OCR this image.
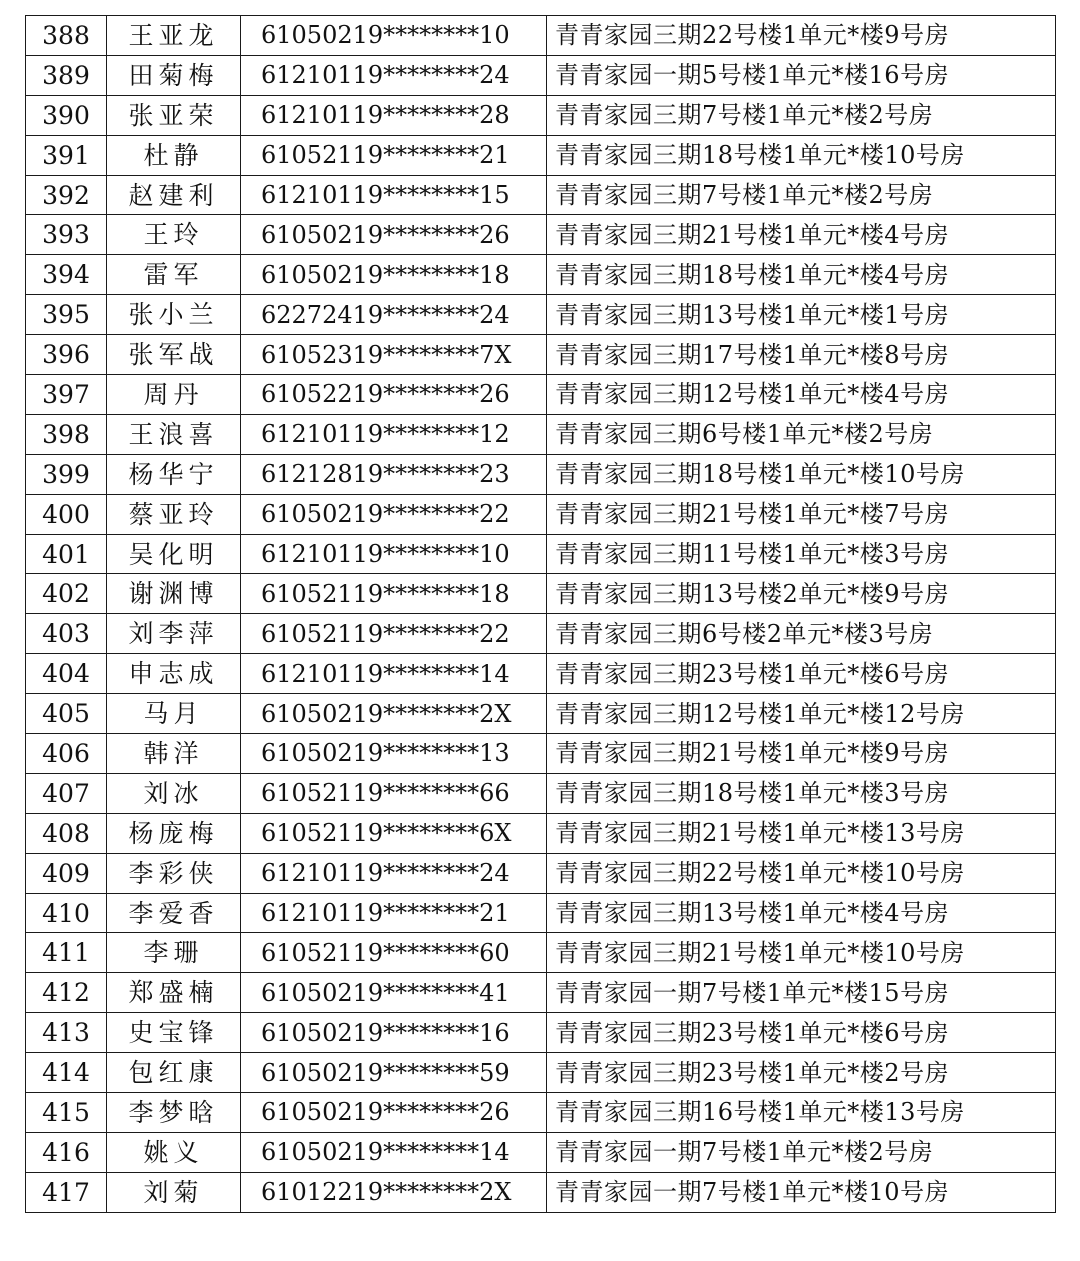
388	王亚龙	61050219********10	青青家园三期22号楼1单元*楼9号房
389	田菊梅	61210119********24	青青家园一期5号楼1单元*楼16号房
390	张亚荣	61210119********28	青青家园三期7号楼1单元*楼2号房
391	杜静	61052119********21	青青家园三期18号楼1单元*楼10号房
392	赵建利	61210119********15	青青家园三期7号楼1单元*楼2号房
393	王玲	61050219********26	青青家园三期21号楼1单元*楼4号房
394	雷军	61050219********18	青青家园三期18号楼1单元*楼4号房
395	张小兰	62272419********24	青青家园三期13号楼1单元*楼1号房
396	张军战	61052319********7X	青青家园三期17号楼1单元*楼8号房
397	周丹	61052219********26	青青家园三期12号楼1单元*楼4号房
398	王浪喜	61210119********12	青青家园三期6号楼1单元*楼2号房
399	杨华宁	61212819********23	青青家园三期18号楼1单元*楼10号房
400	蔡亚玲	61050219********22	青青家园三期21号楼1单元*楼7号房
401	吴化明	61210119********10	青青家园三期11号楼1单元*楼3号房
402	谢渊博	61052119********18	青青家园三期13号楼2单元*楼9号房
403	刘李萍	61052119********22	青青家园三期6号楼2单元*楼3号房
404	申志成	61210119********14	青青家园三期23号楼1单元*楼6号房
405	马月	61050219********2X	青青家园三期12号楼1单元*楼12号房
406	韩洋	61050219********13	青青家园三期21号楼1单元*楼9号房
407	刘冰	61052119********66	青青家园三期18号楼1单元*楼3号房
408	杨庞梅	61052119********6X	青青家园三期21号楼1单元*楼13号房
409	李彩侠	61210119********24	青青家园三期22号楼1单元*楼10号房
410	李爱香	61210119********21	青青家园三期13号楼1单元*楼4号房
411	李珊	61052119********60	青青家园三期21号楼1单元*楼10号房
412	郑盛楠	61050219********41	青青家园一期7号楼1单元*楼15号房
413	史宝锋	61050219********16	青青家园三期23号楼1单元*楼6号房
414	包红康	61050219********59	青青家园三期23号楼1单元*楼2号房
415	李梦晗	61050219********26	青青家园三期16号楼1单元*楼13号房
416	姚义	61050219********14	青青家园一期7号楼1单元*楼2号房
417	刘菊	61012219********2X	青青家园一期7号楼1单元*楼10号房
